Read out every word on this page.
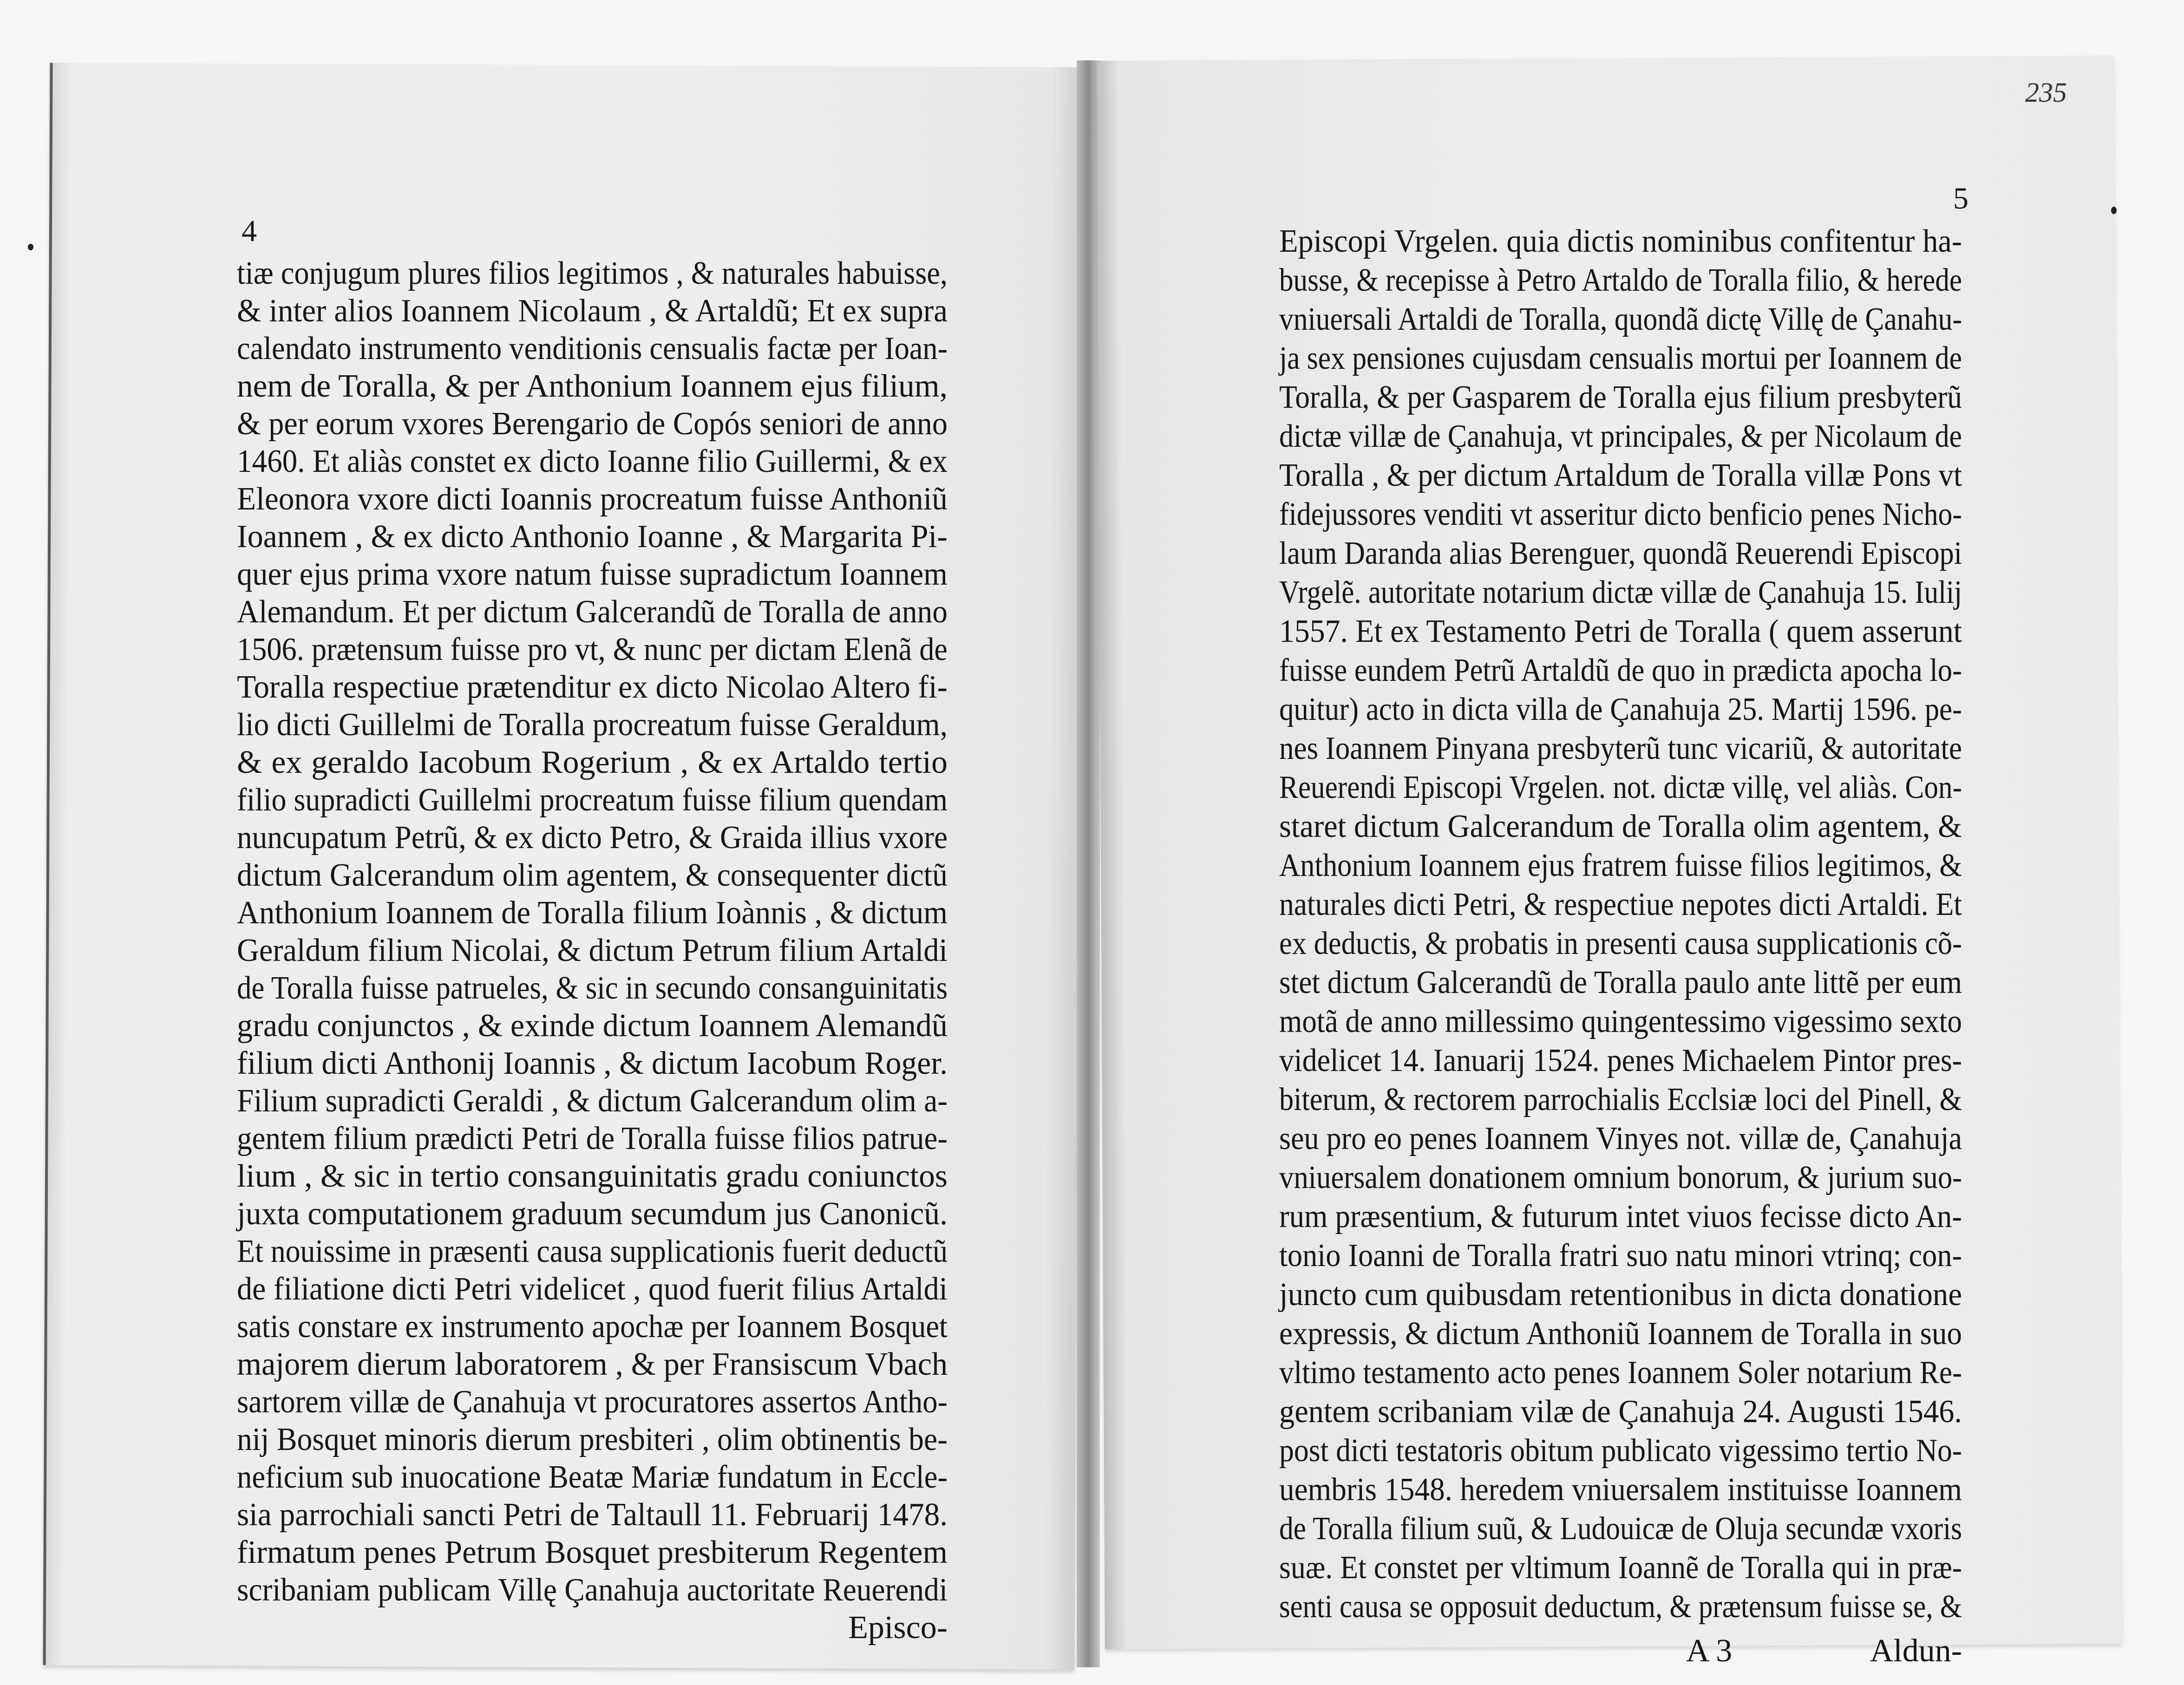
235
4
tiæ conjugum plures filios legitimos , & naturales habuisse,
& inter alios Ioannem Nicolaum , & Artaldũ; Et ex supra
calendato instrumento venditionis censualis factæ per Ioan-
nem de Toralla, & per Anthonium Ioannem ejus filium,
& per eorum vxores Berengario de Copós seniori de anno
1460. Et aliàs constet ex dicto Ioanne filio Guillermi, & ex
Eleonora vxore dicti Ioannis procreatum fuisse Anthoniũ
Ioannem , & ex dicto Anthonio Ioanne , & Margarita Pi-
quer ejus prima vxore natum fuisse supradictum Ioannem
Alemandum. Et per dictum Galcerandũ de Toralla de anno
1506. prætensum fuisse pro vt, & nunc per dictam Elenã de
Toralla respectiue prætenditur ex dicto Nicolao Altero fi-
lio dicti Guillelmi de Toralla procreatum fuisse Geraldum,
& ex geraldo Iacobum Rogerium , & ex Artaldo tertio
filio supradicti Guillelmi procreatum fuisse filium quendam
nuncupatum Petrũ, & ex dicto Petro, & Graida illius vxore
dictum Galcerandum olim agentem, & consequenter dictũ
Anthonium Ioannem de Toralla filium Ioànnis , & dictum
Geraldum filium Nicolai, & dictum Petrum filium Artaldi
de Toralla fuisse patrueles, & sic in secundo consanguinitatis
gradu conjunctos , & exinde dictum Ioannem Alemandũ
filium dicti Anthonij Ioannis , & dictum Iacobum Roger.
Filium supradicti Geraldi , & dictum Galcerandum olim a-
gentem filium prædicti Petri de Toralla fuisse filios patrue-
lium , & sic in tertio consanguinitatis gradu coniunctos
juxta computationem graduum secumdum jus Canonicũ.
Et nouissime in præsenti causa supplicationis fuerit deductũ
de filiatione dicti Petri videlicet , quod fuerit filius Artaldi
satis constare ex instrumento apochæ per Ioannem Bosquet
majorem dierum laboratorem , & per Fransiscum Vbach
sartorem villæ de Çanahuja vt procuratores assertos Antho-
nij Bosquet minoris dierum presbiteri , olim obtinentis be-
neficium sub inuocatione Beatæ Mariæ fundatum in Eccle-
sia parrochiali sancti Petri de Taltaull 11. Februarij 1478.
firmatum penes Petrum Bosquet presbiterum Regentem
scribaniam publicam Villę Çanahuja auctoritate Reuerendi
Episco-
5
Episcopi Vrgelen. quia dictis nominibus confitentur ha-
busse, & recepisse à Petro Artaldo de Toralla filio, & herede
vniuersali Artaldi de Toralla, quondã dictę Villę de Çanahu-
ja sex pensiones cujusdam censualis mortui per Ioannem de
Toralla, & per Gasparem de Toralla ejus filium presbyterũ
dictæ villæ de Çanahuja, vt principales, & per Nicolaum de
Toralla , & per dictum Artaldum de Toralla villæ Pons vt
fidejussores venditi vt asseritur dicto benficio penes Nicho-
laum Daranda alias Berenguer, quondã Reuerendi Episcopi
Vrgelẽ. autoritate notarium dictæ villæ de Çanahuja 15. Iulij
1557. Et ex Testamento Petri de Toralla ( quem asserunt
fuisse eundem Petrũ Artaldũ de quo in prædicta apocha lo-
quitur) acto in dicta villa de Çanahuja 25. Martij 1596. pe-
nes Ioannem Pinyana presbyterũ tunc vicariũ, & autoritate
Reuerendi Episcopi Vrgelen. not. dictæ villę, vel aliàs. Con-
staret dictum Galcerandum de Toralla olim agentem, &
Anthonium Ioannem ejus fratrem fuisse filios legitimos, &
naturales dicti Petri, & respectiue nepotes dicti Artaldi. Et
ex deductis, & probatis in presenti causa supplicationis cõ-
stet dictum Galcerandũ de Toralla paulo ante littẽ per eum
motã de anno millessimo quingentessimo vigessimo sexto
videlicet 14. Ianuarij 1524. penes Michaelem Pintor pres-
biterum, & rectorem parrochialis Ecclsiæ loci del Pinell, &
seu pro eo penes Ioannem Vinyes not. villæ de, Çanahuja
vniuersalem donationem omnium bonorum, & jurium suo-
rum præsentium, & futurum intet viuos fecisse dicto An-
tonio Ioanni de Toralla fratri suo natu minori vtrinq; con-
juncto cum quibusdam retentionibus in dicta donatione
expressis, & dictum Anthoniũ Ioannem de Toralla in suo
vltimo testamento acto penes Ioannem Soler notarium Re-
gentem scribaniam vilæ de Çanahuja 24. Augusti 1546.
post dicti testatoris obitum publicato vigessimo tertio No-
uembris 1548. heredem vniuersalem instituisse Ioannem
de Toralla filium suũ, & Ludouicæ de Oluja secundæ vxoris
suæ. Et constet per vltimum Ioannẽ de Toralla qui in præ-
senti causa se opposuit deductum, & prætensum fuisse se, &
A 3	Aldun-
